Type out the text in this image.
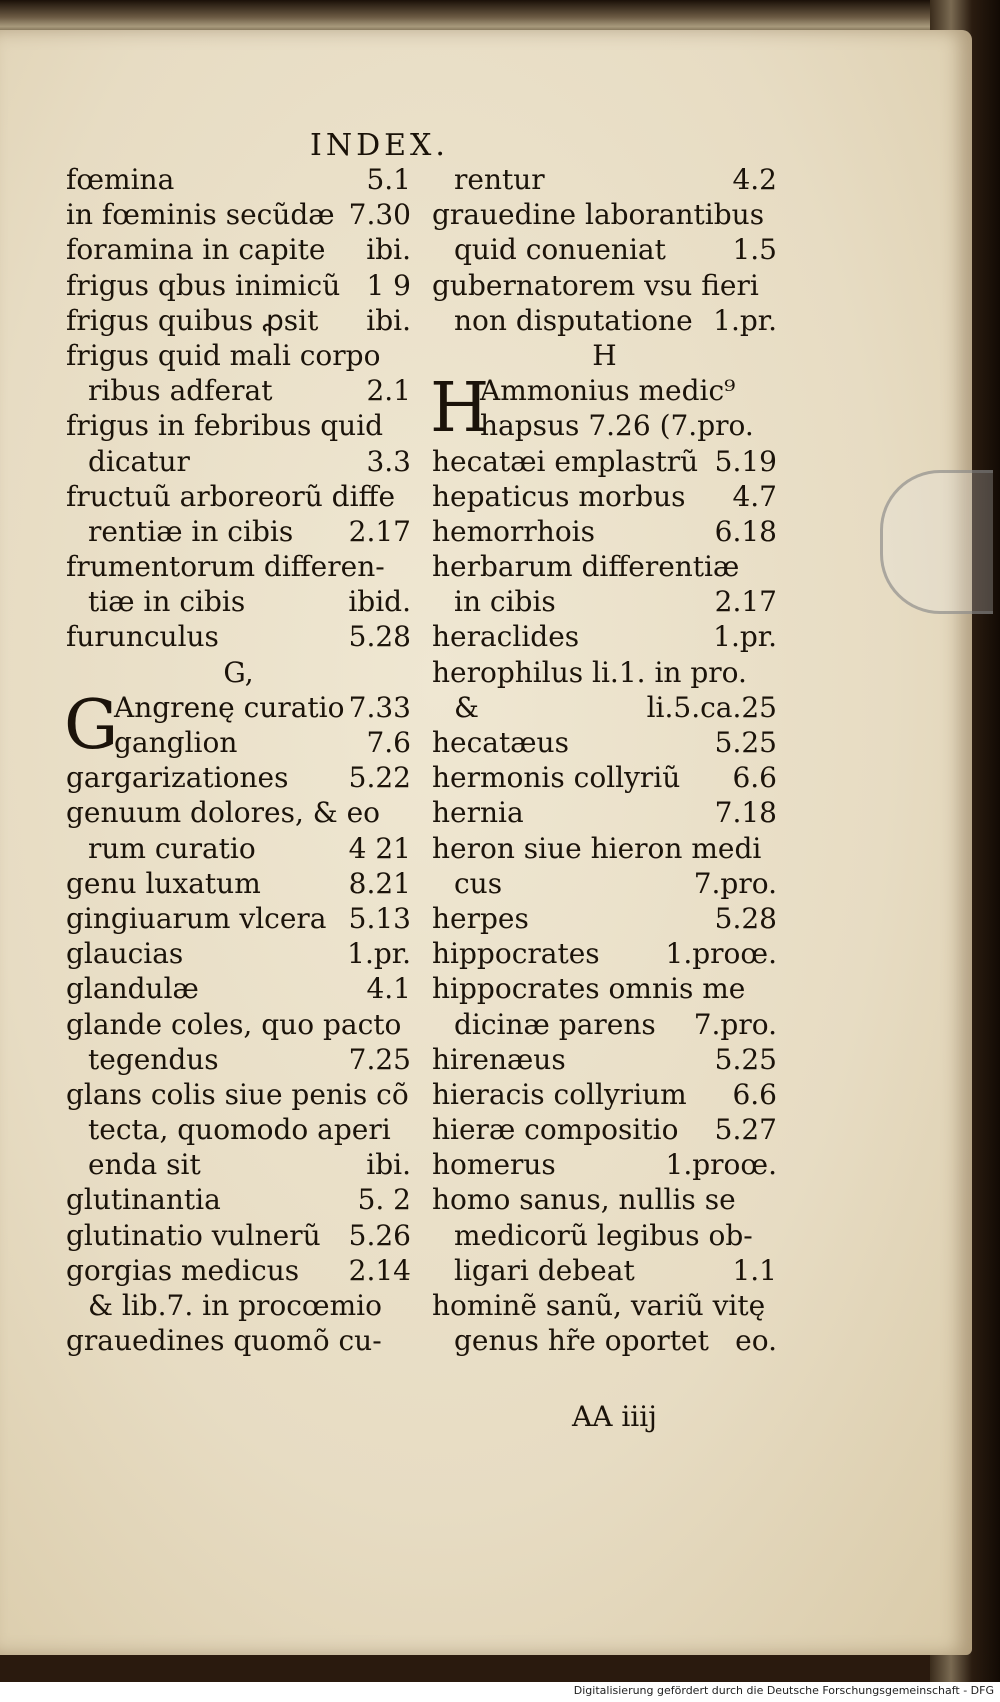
INDEX.
fœmina	5.1
in fœminis secũdæ 7.30
foramina in capite ibi.
frigus qbus inimicũ 1 9
frigus quibus ꝓsit ibi.
frigus quid mali corpo
ribus adferat	2.1
frigus in febribus quid
dicatur	3.3
fructuũ arboreorũ diffe
rentiæ in cibis 2.17
frumentorum differen-
tiæ in cibis	ibid.
furunculus	5.28
G,
G
Angrenę curatio 7.33
ganglion	7.6
gargarizationes 5.22
genuum dolores, & eo
rum curatio	4 21
genu luxatum	8.21
gingiuarum vlcera 5.13
glaucias	1.pr.
glandulæ	4.1
glande coles, quo pacto
tegendus	7.25
glans colis siue penis cõ
tecta, quomodo aperi
enda sit	ibi.
glutinantia	5. 2
glutinatio vulnerũ 5.26
gorgias medicus 2.14
& lib.7. in procœmio
grauedines quomõ cu-
rentur	4.2
grauedine laborantibus
quid conueniat 1.5
gubernatorem vsu fieri
non disputatione 1.pr.
H
H
Ammonius medic⁹
hapsus 7.26 (7.pro.
hecatæi emplastrũ 5.19
hepaticus morbus 4.7
hemorrhois	6.18
herbarum differentiæ
in cibis	2.17
heraclides	1.pr.
herophilus li.1. in pro.
&	li.5.ca.25
hecatæus	5.25
hermonis collyriũ 6.6
hernia	7.18
heron siue hieron medi
cus	7.pro.
herpes	5.28
hippocrates 1.proœ.
hippocrates omnis me
dicinæ parens 7.pro.
hirenæus	5.25
hieracis collyrium 6.6
hieræ compositio 5.27
homerus	1.proœ.
homo sanus, nullis se
medicorũ legibus ob-
ligari debeat	1.1
hominẽ sanũ, variũ vitę
genus hr̃e oportet eo.

AA iiij

Digitalisierung gefördert durch die Deutsche Forschungsgemeinschaft - DFG
